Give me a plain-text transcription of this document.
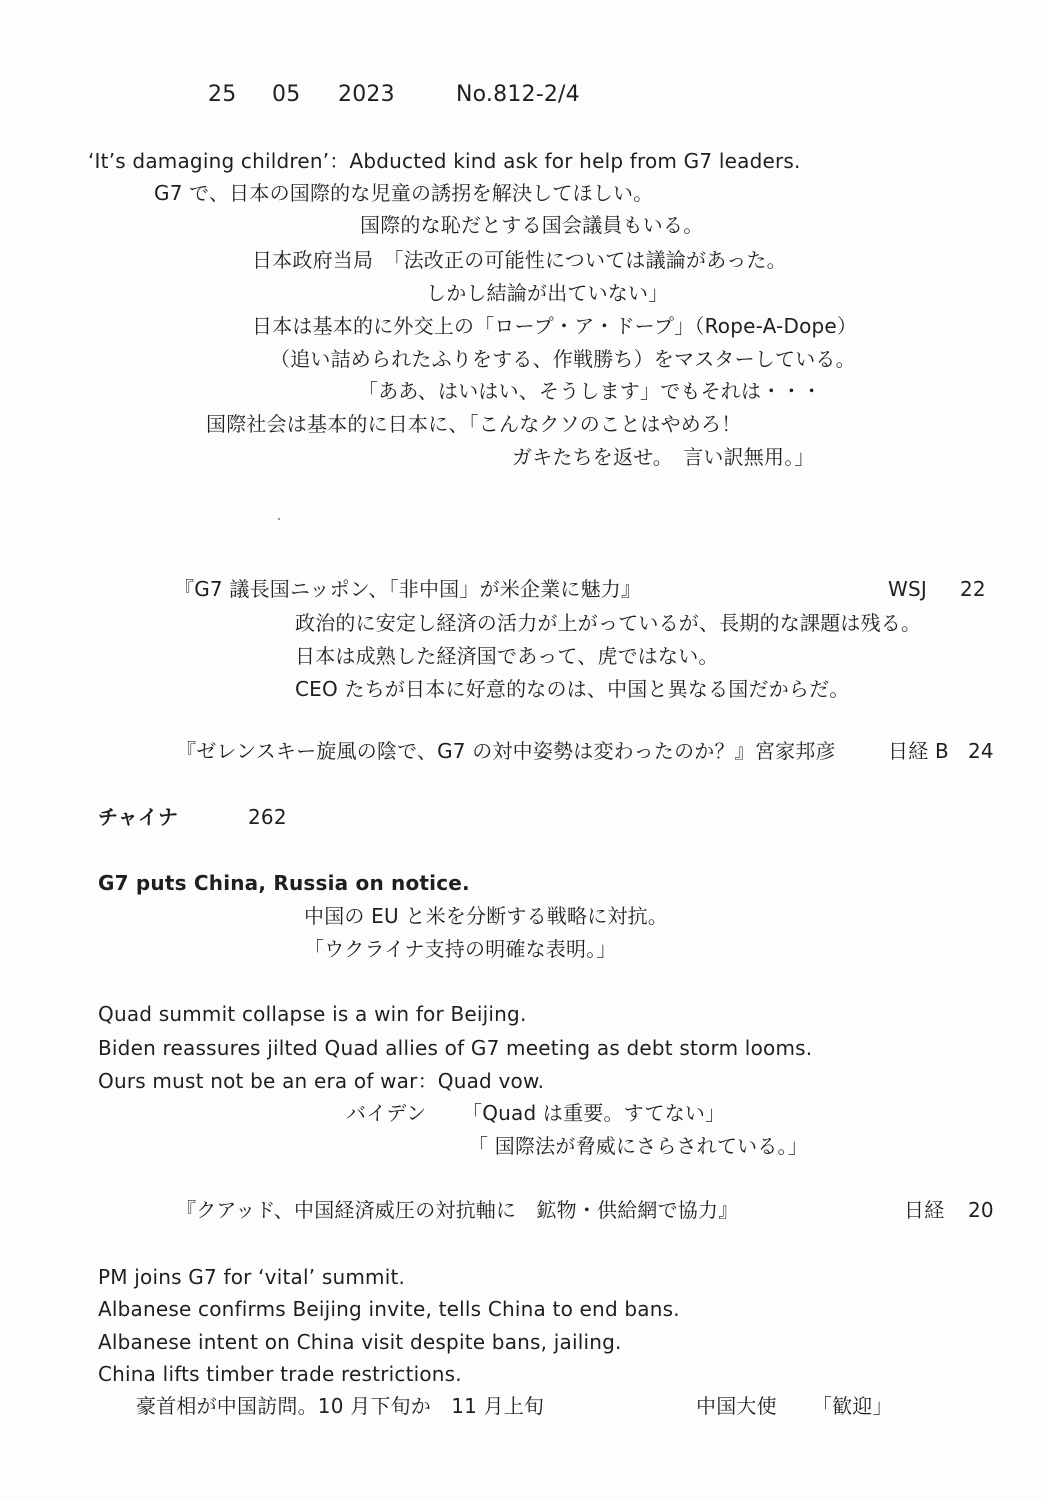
25 05 2023	No.812-2/4
‘It’s damaging children’：Abducted kind ask for help from G7 leaders.
G7 で、日本の国際的な児童の誘拐を解決してほしい。
国際的な恥だとする国会議員もいる。
日本政府当局　「法改正の可能性については議論があった。
しかし結論が出ていない」
日本は基本的に外交上の「ロープ・ア・ドープ」（Rope-A-Dope）
（追い詰められたふりをする、作戦勝ち）をマスターしている。
「ああ、はいはい、そうします」でもそれは・・・
国際社会は基本的に日本に、「こんなクソのことはやめろ！
ガキたちを返せ。　言い訳無用。」
『G7 議長国ニッポン、「非中国」が米企業に魅力』	WSJ 22
政治的に安定し経済の活力が上がっているが、長期的な課題は残る。
日本は成熟した経済国であって、虎ではない。
CEO たちが日本に好意的なのは、中国と異なる国だからだ。
『ゼレンスキー旋風の陰で、G7 の対中姿勢は変わったのか？』宮家邦彦	日経 B 24
チャイナ	262
G7 puts China, Russia on notice.
中国の EU と米を分断する戦略に対抗。
「ウクライナ支持の明確な表明。」
Quad summit collapse is a win for Beijing.
Biden reassures jilted Quad allies of G7 meeting as debt storm looms.
Ours must not be an era of war：Quad vow.
バイデン 「Quad は重要。すてない」
「 国際法が脅威にさらされている。」
『クアッド、中国経済威圧の対抗軸に　鉱物・供給網で協力』	日経 20
PM joins G7 for ‘vital’ summit.
Albanese confirms Beijing invite, tells China to end bans.
Albanese intent on China visit despite bans, jailing.
China lifts timber trade restrictions.
豪首相が中国訪問。10 月下旬か　11 月上旬	中国大使 「歓迎」
